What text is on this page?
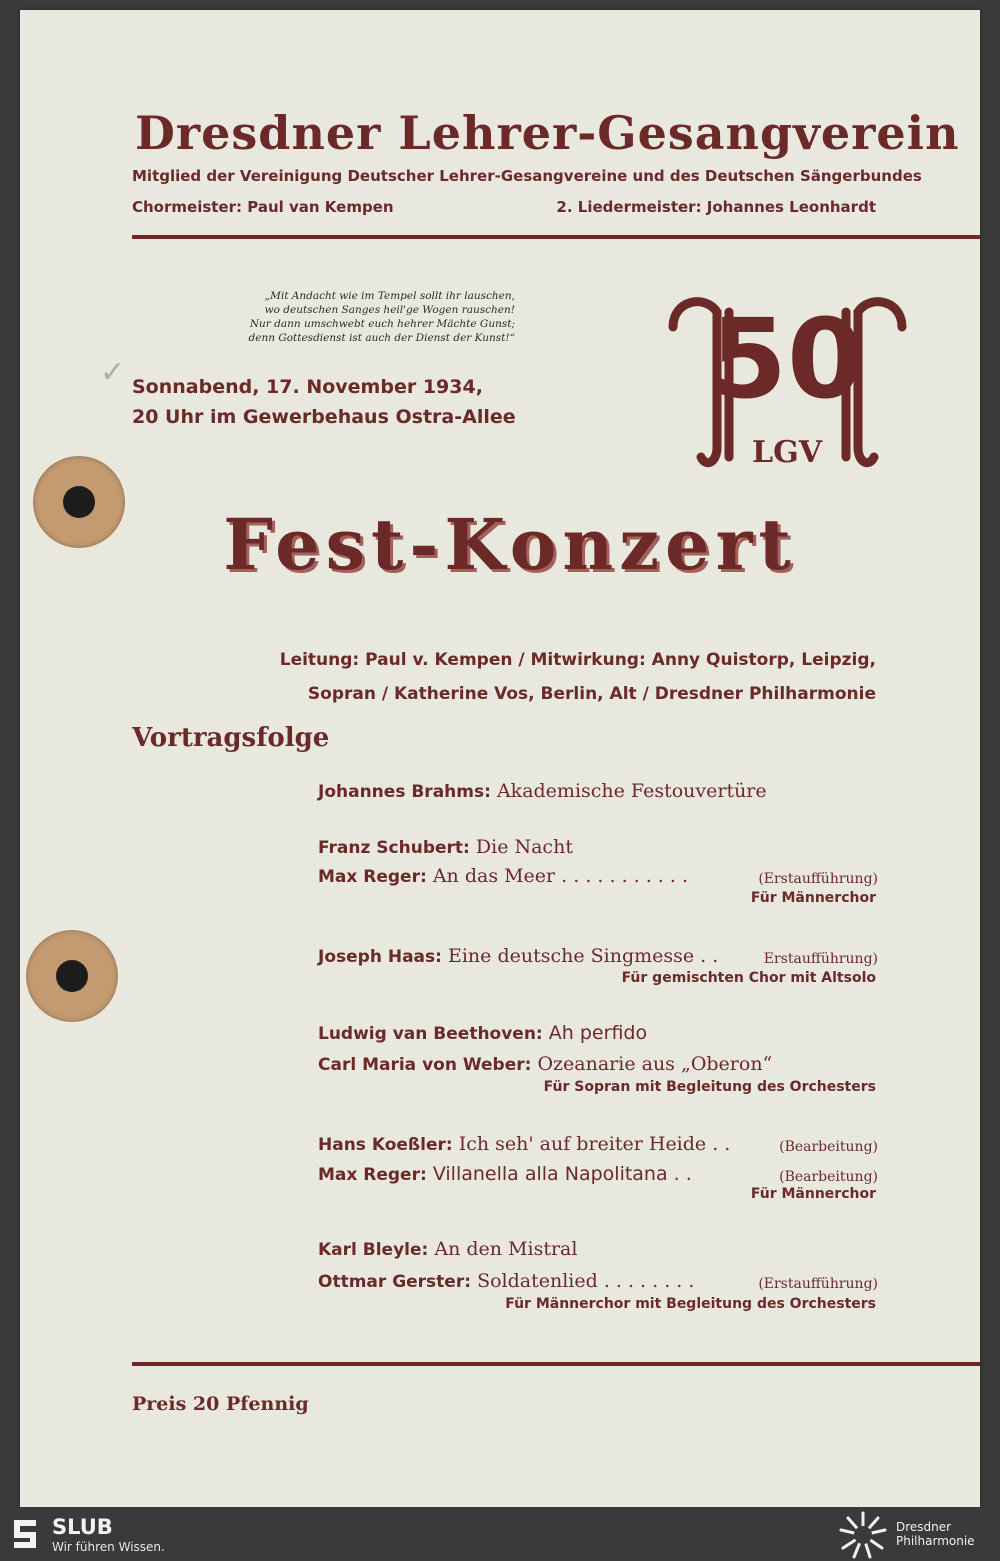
Dresdner Lehrer-Gesangverein
Mitglied der Vereinigung Deutscher Lehrer-Gesangvereine und des Deutschen Sängerbundes
Chormeister: Paul van Kempen	2. Liedermeister: Johannes Leonhardt
„Mit Andacht wie im Tempel sollt ihr lauschen,
wo deutschen Sanges heil'ge Wogen rauschen!
Nur dann umschwebt euch hehrer Mächte Gunst;
denn Gottesdienst ist auch der Dienst der Kunst!“
✓ Sonnabend, 17. November 1934,
20 Uhr im Gewerbehaus Ostra-Allee 50
LGV
Fest-Konzert
Leitung: Paul v. Kempen / Mitwirkung: Anny Quistorp, Leipzig,
Sopran / Katherine Vos, Berlin, Alt / Dresdner Philharmonie
Vortragsfolge
Johannes Brahms: Akademische Festouvertüre
Franz Schubert: Die Nacht
Max Reger: An das Meer . . . . . . . . . . .	(Erstaufführung)
Für Männerchor
Joseph Haas: Eine deutsche Singmesse . .	Erstaufführung)
Für gemischten Chor mit Altsolo
Ludwig van Beethoven: Ah perfido
Carl Maria von Weber: Ozeanarie aus „Oberon“
Für Sopran mit Begleitung des Orchesters
Hans Koeßler: Ich seh' auf breiter Heide . .	(Bearbeitung)
Max Reger: Villanella alla Napolitana . .	(Bearbeitung)
Für Männerchor
Karl Bleyle: An den Mistral
Ottmar Gerster: Soldatenlied . . . . . . . .	(Erstaufführung)
Für Männerchor mit Begleitung des Orchesters
Preis 20 Pfennig
SLUB
Wir führen Wissen.
Dresdner
Philharmonie
